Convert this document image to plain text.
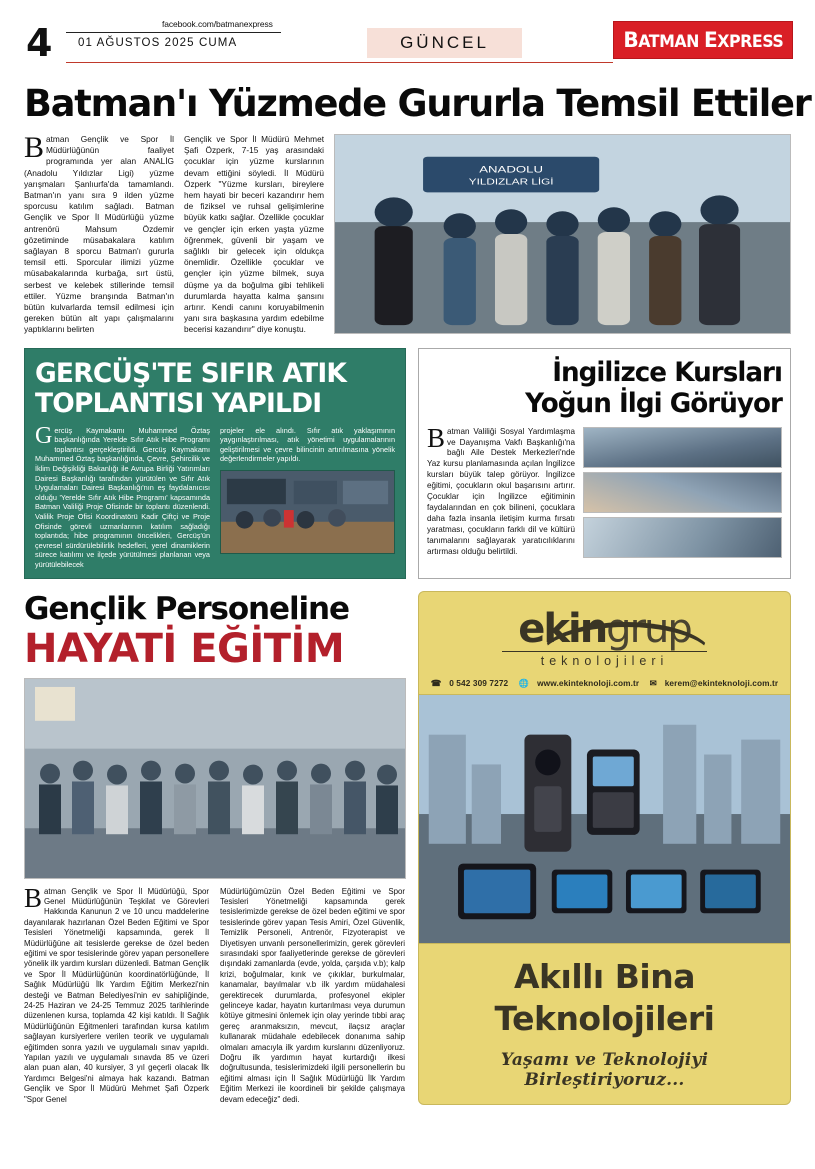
4	facebook.com/batmanexpress
01 AĞUSTOS 2025 CUMA	GÜNCEL	BATMAN EXPRESS
Batman'ı Yüzmede Gururla Temsil Ettiler
Batman Gençlik ve Spor İl Müdürlüğünün faaliyet programında yer alan ANALİG (Anadolu Yıldızlar Ligi) yüzme yarışmaları Şanlıurfa'da tamamlandı. Batman'ın yanı sıra 9 ilden yüzme sporcusu katılım sağladı. Batman Gençlik ve Spor İl Müdürlüğü yüzme antrenörü Mahsum Özdemir gözetiminde müsabakalara katılım sağlayan 8 sporcu Batman'ı gururla temsil etti. Sporcular ilimizi yüzme müsabakalarında kurbağa, sırt üstü, serbest ve kelebek stillerinde temsil ettiler. Yüzme branşında Batman'ın bütün kulvarlarda temsil edilmesi için gereken bütün alt yapı çalışmalarını yaptıklarını belirten
Gençlik ve Spor İl Müdürü Mehmet Şafi Özperk, 7-15 yaş arasındaki çocuklar için yüzme kurslarının devam ettiğini söyledi. İl Müdürü Özperk "Yüzme kursları, bireylere hem hayati bir beceri kazandırır hem de fiziksel ve ruhsal gelişimlerine büyük katkı sağlar. Özellikle çocuklar ve gençler için erken yaşta yüzme öğrenmek, güvenli bir yaşam ve sağlıklı bir gelecek için oldukça önemlidir. Özellikle çocuklar ve gençler için yüzme bilmek, suya düşme ya da boğulma gibi tehlikeli durumlarda hayatta kalma şansını artırır. Kendi canını koruyabilmenin yanı sıra başkasına yardım edebilme becerisi kazandırır" diye konuştu.
ANADOLU
YILDIZLAR LİGİ
GERCÜŞ'TE SIFIR ATIK
TOPLANTISI YAPILDI
Gercüş Kaymakamı Muhammed Öztaş başkanlığında Yerelde Sıfır Atık Hibe Programı toplantısı gerçekleştirildi. Gercüş Kaymakamı Muhammed Öztaş başkanlığında, Çevre, Şehircilik ve İklim Değişikliği Bakanlığı ile Avrupa Birliği Yatırımları Dairesi Başkanlığı tarafından yürütülen ve Sıfır Atık Uygulamaları Dairesi Başkanlığı'nın eş faydalanıcısı olduğu 'Yerelde Sıfır Atık Hibe Programı' kapsamında Batman Valiliği Proje Ofisinde bir toplantı düzenlendi. Valilik Proje Ofisi Koordinatörü Kadir Çiftçi ve Proje Ofisinde görevli uzmanlarının katılım sağladığı toplantıda; hibe programının öncelikleri, Gercüş'ün çevresel sürdürülebilirlik hedefleri, yerel dinamiklerin sürece katılımı ve ilçede yürütülmesi planlanan veya yürütülebilecek
projeler ele alındı. Sıfır atık yaklaşımının yaygınlaştırılması, atık yönetimi uygulamalarının geliştirilmesi ve çevre bilincinin artırılmasına yönelik değerlendirmeler yapıldı.
İngilizce Kursları
Yoğun İlgi Görüyor
Batman Valiliği Sosyal Yardımlaşma ve Dayanışma Vakfı Başkanlığı'na bağlı Aile Destek Merkezleri'nde Yaz kursu planlamasında açılan İngilizce kursları büyük talep görüyor. İngilizce eğitimi, çocukların okul başarısını artırır. Çocuklar için İngilizce eğitiminin faydalarından en çok bilineni, çocuklara daha fazla insanla iletişim kurma fırsatı yaratması, çocukların farklı dil ve kültürü tanımalarını sağlayarak yaratıcılıklarını artırması olduğu belirtildi.
Gençlik Personeline
HAYATİ EĞİTİM
Batman Gençlik ve Spor İl Müdürlüğü, Spor Genel Müdürlüğünün Teşkilat ve Görevleri Hakkında Kanunun 2 ve 10 uncu maddelerine dayanılarak hazırlanan Özel Beden Eğitimi ve Spor Tesisleri Yönetmeliği kapsamında, gerek İl Müdürlüğüne ait tesislerde gerekse de özel beden eğitimi ve spor tesislerinde görev yapan personellere yönelik ilk yardım kursları düzenledi. Batman Gençlik ve Spor İl Müdürlüğünün koordinatörlüğünde, İl Sağlık Müdürlüğü İlk Yardım Eğitim Merkezi'nin desteği ve Batman Belediyesi'nin ev sahipliğinde, 24-25 Haziran ve 24-25 Temmuz 2025 tarihlerinde düzenlenen kursa, toplamda 42 kişi katıldı. İl Sağlık Müdürlüğünün Eğitmenleri tarafından kursa katılım sağlayan kursiyerlere verilen teorik ve uygulamalı eğitimden sonra yazılı ve uygulamalı sınav yapıldı. Yapılan yazılı ve uygulamalı sınavda 85 ve üzeri alan puan alan, 40 kursiyer, 3 yıl geçerli olacak İlk Yardımcı Belgesi'ni almaya hak kazandı. Batman Gençlik ve Spor İl Müdürü Mehmet Şafi Özperk "Spor Genel
Müdürlüğümüzün Özel Beden Eğitimi ve Spor Tesisleri Yönetmeliği kapsamında gerek tesislerimizde gerekse de özel beden eğitimi ve spor tesislerinde görev yapan Tesis Amiri, Özel Güvenlik, Temizlik Personeli, Antrenör, Fizyoterapist ve Diyetisyen unvanlı personellerimizin, gerek görevleri sırasındaki spor faaliyetlerinde gerekse de görevleri dışındaki zamanlarda (evde, yolda, çarşıda v.b); kalp krizi, boğulmalar, kırık ve çıkıklar, burkulmalar, kanamalar, bayılmalar v.b ilk yardım müdahalesi gerektirecek durumlarda, profesyonel ekipler gelinceye kadar, hayatın kurtarılması veya durumun kötüye gitmesini önlemek için olay yerinde tıbbi araç gereç aranmaksızın, mevcut, ilaçsız araçlar kullanarak müdahale edebilecek donanıma sahip olmaları amacıyla ilk yardım kurslarını düzenliyoruz. Doğru ilk yardımın hayat kurtardığı ilkesi doğrultusunda, tesislerimizdeki ilgili personellerin bu eğitimi alması için İl Sağlık Müdürlüğü İlk Yardım Eğitim Merkezi ile koordineli bir şekilde çalışmaya devam edeceğiz" dedi.
ekingrup
teknolojileri
☎ 0 542 309 7272 🌐 www.ekinteknoloji.com.tr ✉ kerem@ekinteknoloji.com.tr
Akıllı Bina
Teknolojileri
Yaşamı ve Teknolojiyi Birleştiriyoruz...
